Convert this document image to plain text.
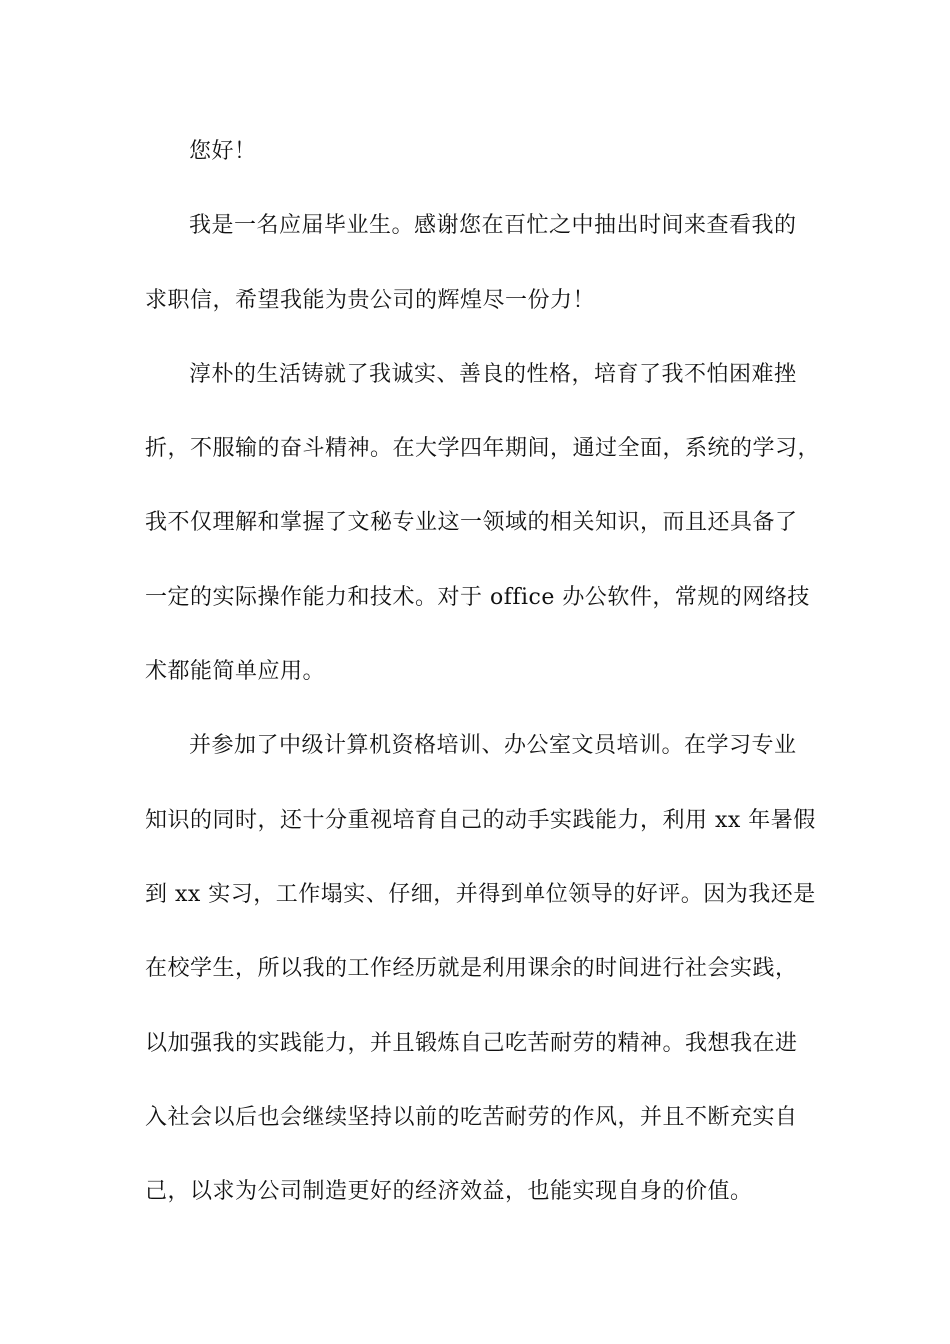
您好！
我是一名应届毕业生。感谢您在百忙之中抽出时间来查看我的
求职信，希望我能为贵公司的辉煌尽一份力！
淳朴的生活铸就了我诚实、善良的性格，培育了我不怕困难挫
折，不服输的奋斗精神。在大学四年期间，通过全面，系统的学习，
我不仅理解和掌握了文秘专业这一领域的相关知识，而且还具备了
一定的实际操作能力和技术。对于 office 办公软件，常规的网络技
术都能简单应用。
并参加了中级计算机资格培训、办公室文员培训。在学习专业
知识的同时，还十分重视培育自己的动手实践能力，利用 xx 年暑假
到 xx 实习，工作塌实、仔细，并得到单位领导的好评。因为我还是
在校学生，所以我的工作经历就是利用课余的时间进行社会实践，
以加强我的实践能力，并且锻炼自己吃苦耐劳的精神。我想我在进
入社会以后也会继续坚持以前的吃苦耐劳的作风，并且不断充实自
己，以求为公司制造更好的经济效益，也能实现自身的价值。
